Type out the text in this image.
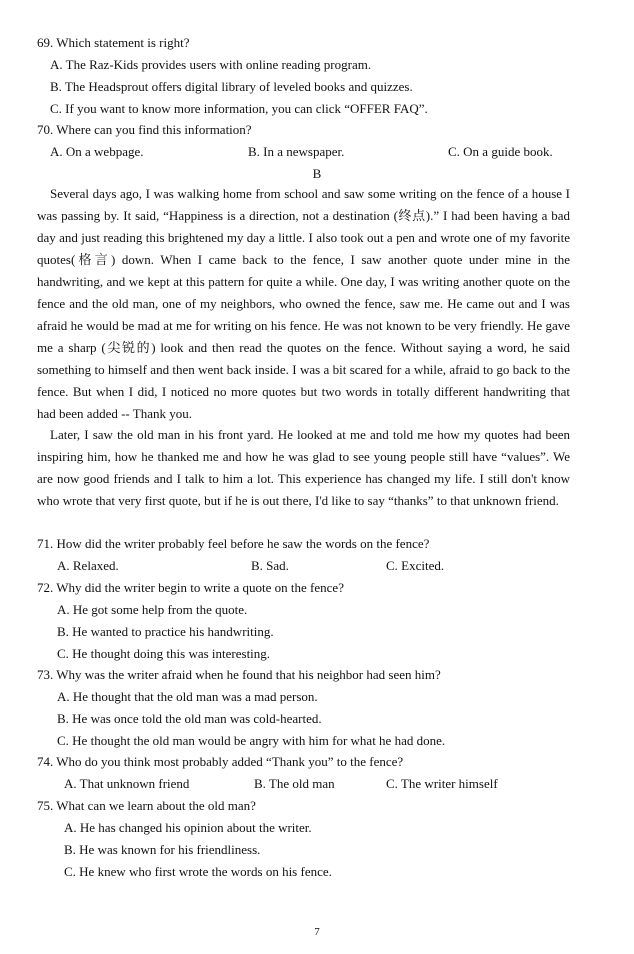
69. Which statement is right?
A. The Raz-Kids provides users with online reading program.
B. The Headsprout offers digital library of leveled books and quizzes.
C. If you want to know more information, you can click “OFFER FAQ”.
70. Where can you find this information?
A. On a webpage.	B. In a newspaper.	C. On a guide book.
B

Several days ago, I was walking home from school and saw some writing on the fence of a house I was passing by. It said, “Happiness is a direction, not a destination (终点).” I had been having a bad day and just reading this brightened my day a little. I also took out a pen and wrote one of my favorite quotes(格言) down. When I came back to the fence, I saw another quote under mine in the handwriting, and we kept at this pattern for quite a while. One day, I was writing another quote on the fence and the old man, one of my neighbors, who owned the fence, saw me. He came out and I was afraid he would be mad at me for writing on his fence. He was not known to be very friendly. He gave me a sharp (尖锐的) look and then read the quotes on the fence. Without saying a word, he said something to himself and then went back inside. I was a bit scared for a while, afraid to go back to the fence. But when I did, I noticed no more quotes but two words in totally different handwriting that had been added -- Thank you.

Later, I saw the old man in his front yard. He looked at me and told me how my quotes had been inspiring him, how he thanked me and how he was glad to see young people still have “values”. We are now good friends and I talk to him a lot. This experience has changed my life. I still don't know who wrote that very first quote, but if he is out there, I'd like to say “thanks” to that unknown friend.

71. How did the writer probably feel before he saw the words on the fence?
A. Relaxed.	B. Sad.	C. Excited.
72. Why did the writer begin to write a quote on the fence?
A. He got some help from the quote.
B. He wanted to practice his handwriting.
C. He thought doing this was interesting.
73. Why was the writer afraid when he found that his neighbor had seen him?
A. He thought that the old man was a mad person.
B. He was once told the old man was cold-hearted.
C. He thought the old man would be angry with him for what he had done.
74. Who do you think most probably added “Thank you” to the fence?
A. That unknown friend	B. The old man	C. The writer himself
75. What can we learn about the old man?
A. He has changed his opinion about the writer.
B. He was known for his friendliness.
C. He knew who first wrote the words on his fence.
7
